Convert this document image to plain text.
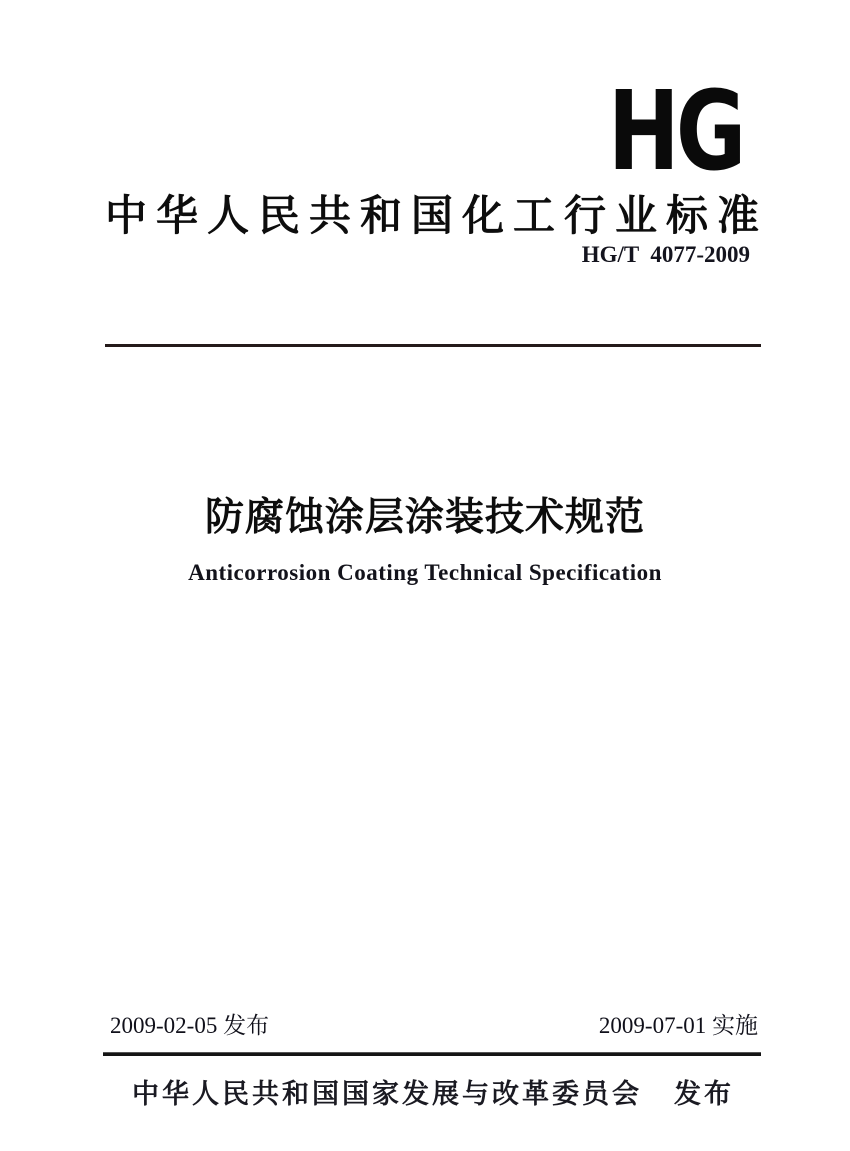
HG
中华人民共和国化工行业标准
HG/T  4077-2009
防腐蚀涂层涂装技术规范
Anticorrosion Coating Technical Specification
2009-02-05 发布	2009-07-01 实施
中华人民共和国国家发展与改革委员会 发布
